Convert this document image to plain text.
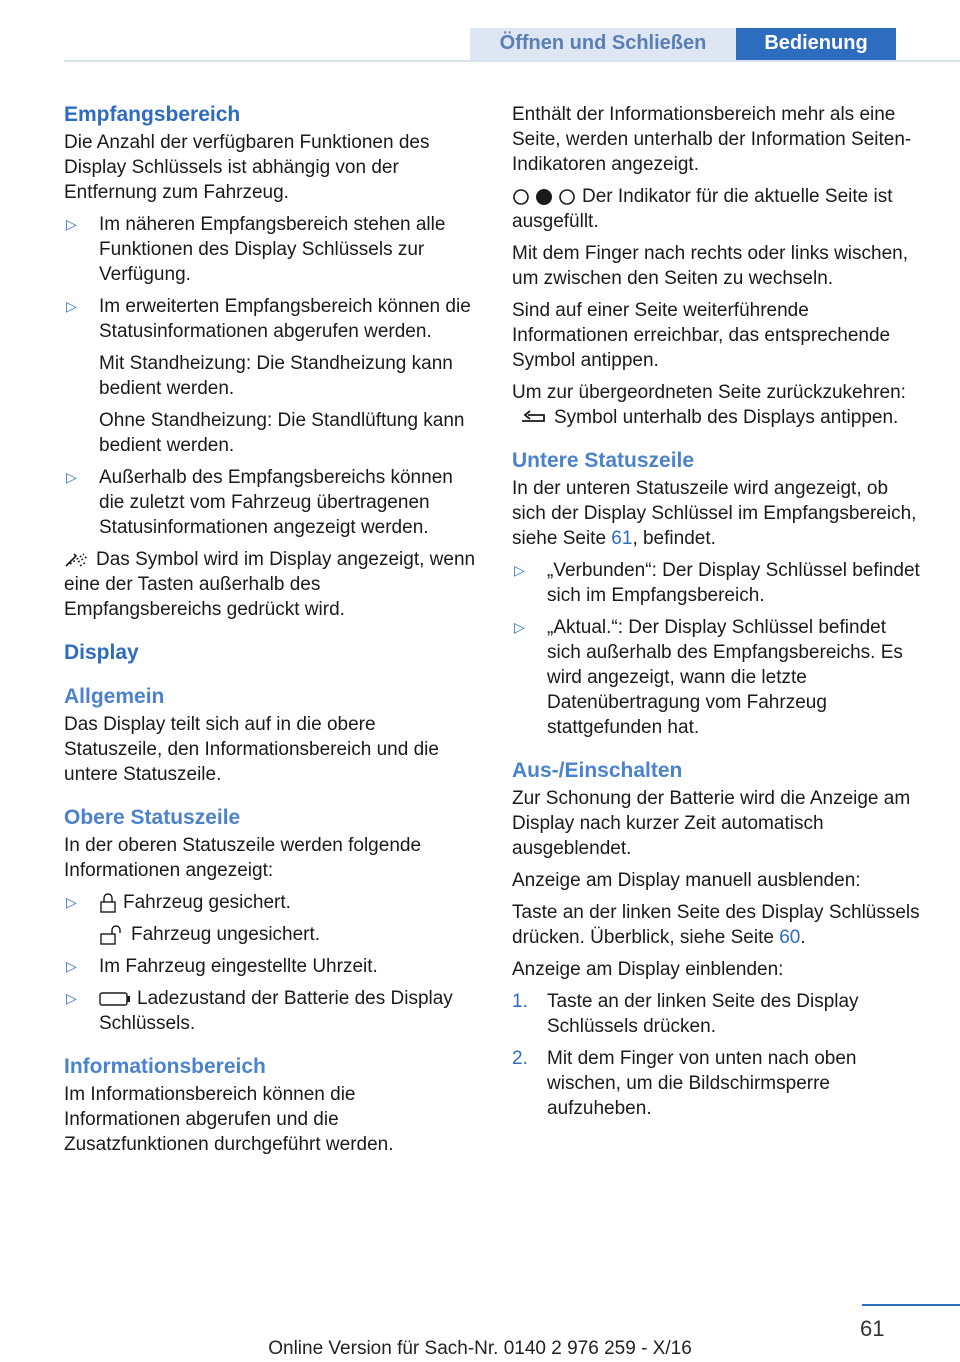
Öffnen und Schließen	Bedienung
Empfangsbereich

Die Anzahl der verfügbaren Funktionen des Display Schlüssels ist abhängig von der Entfernung zum Fahrzeug.

▷ Im näheren Empfangsbereich stehen alle Funktionen des Display Schlüssels zur Verfügung.
▷ Im erweiterten Empfangsbereich können die Statusinformationen abgerufen werden.
Mit Standheizung: Die Standheizung kann bedient werden.
Ohne Standheizung: Die Standlüftung kann bedient werden.
▷ Außerhalb des Empfangsbereichs können die zuletzt vom Fahrzeug übertragenen Statusinformationen angezeigt werden.

Das Symbol wird im Display angezeigt, wenn eine der Tasten außerhalb des Empfangsbereichs gedrückt wird.

Display
Allgemein

Das Display teilt sich auf in die obere Statuszeile, den Informationsbereich und die untere Statuszeile.

Obere Statuszeile

In der oberen Statuszeile werden folgende Informationen angezeigt:

▷ Fahrzeug gesichert.
Fahrzeug ungesichert.
▷ Im Fahrzeug eingestellte Uhrzeit.
▷	Ladezustand der Batterie des Display Schlüssels.
Informationsbereich

Im Informationsbereich können die Informationen abgerufen und die Zusatzfunktionen durchgeführt werden.

Enthält der Informationsbereich mehr als eine Seite, werden unterhalb der Information Seiten-Indikatoren angezeigt.

Der Indikator für die aktuelle Seite ist ausgefüllt.

Mit dem Finger nach rechts oder links wischen, um zwischen den Seiten zu wechseln.

Sind auf einer Seite weiterführende Informationen erreichbar, das entsprechende Symbol antippen.

Um zur übergeordneten Seite zurückzukehren: Symbol unterhalb des Displays antippen.

Untere Statuszeile

In der unteren Statuszeile wird angezeigt, ob sich der Display Schlüssel im Empfangsbereich, siehe Seite 61, befindet.

▷ „Verbunden“: Der Display Schlüssel befindet sich im Empfangsbereich.
▷ „Aktual.“: Der Display Schlüssel befindet sich außerhalb des Empfangsbereichs. Es wird angezeigt, wann die letzte Datenübertragung vom Fahrzeug stattgefunden hat.
Aus-/Einschalten

Zur Schonung der Batterie wird die Anzeige am Display nach kurzer Zeit automatisch ausgeblendet.

Anzeige am Display manuell ausblenden:

Taste an der linken Seite des Display Schlüssels drücken. Überblick, siehe Seite 60.

Anzeige am Display einblenden:

1. Taste an der linken Seite des Display Schlüssels drücken.
2. Mit dem Finger von unten nach oben wischen, um die Bildschirmsperre aufzuheben.
61
Online Version für Sach-Nr. 0140 2 976 259 - X/16
